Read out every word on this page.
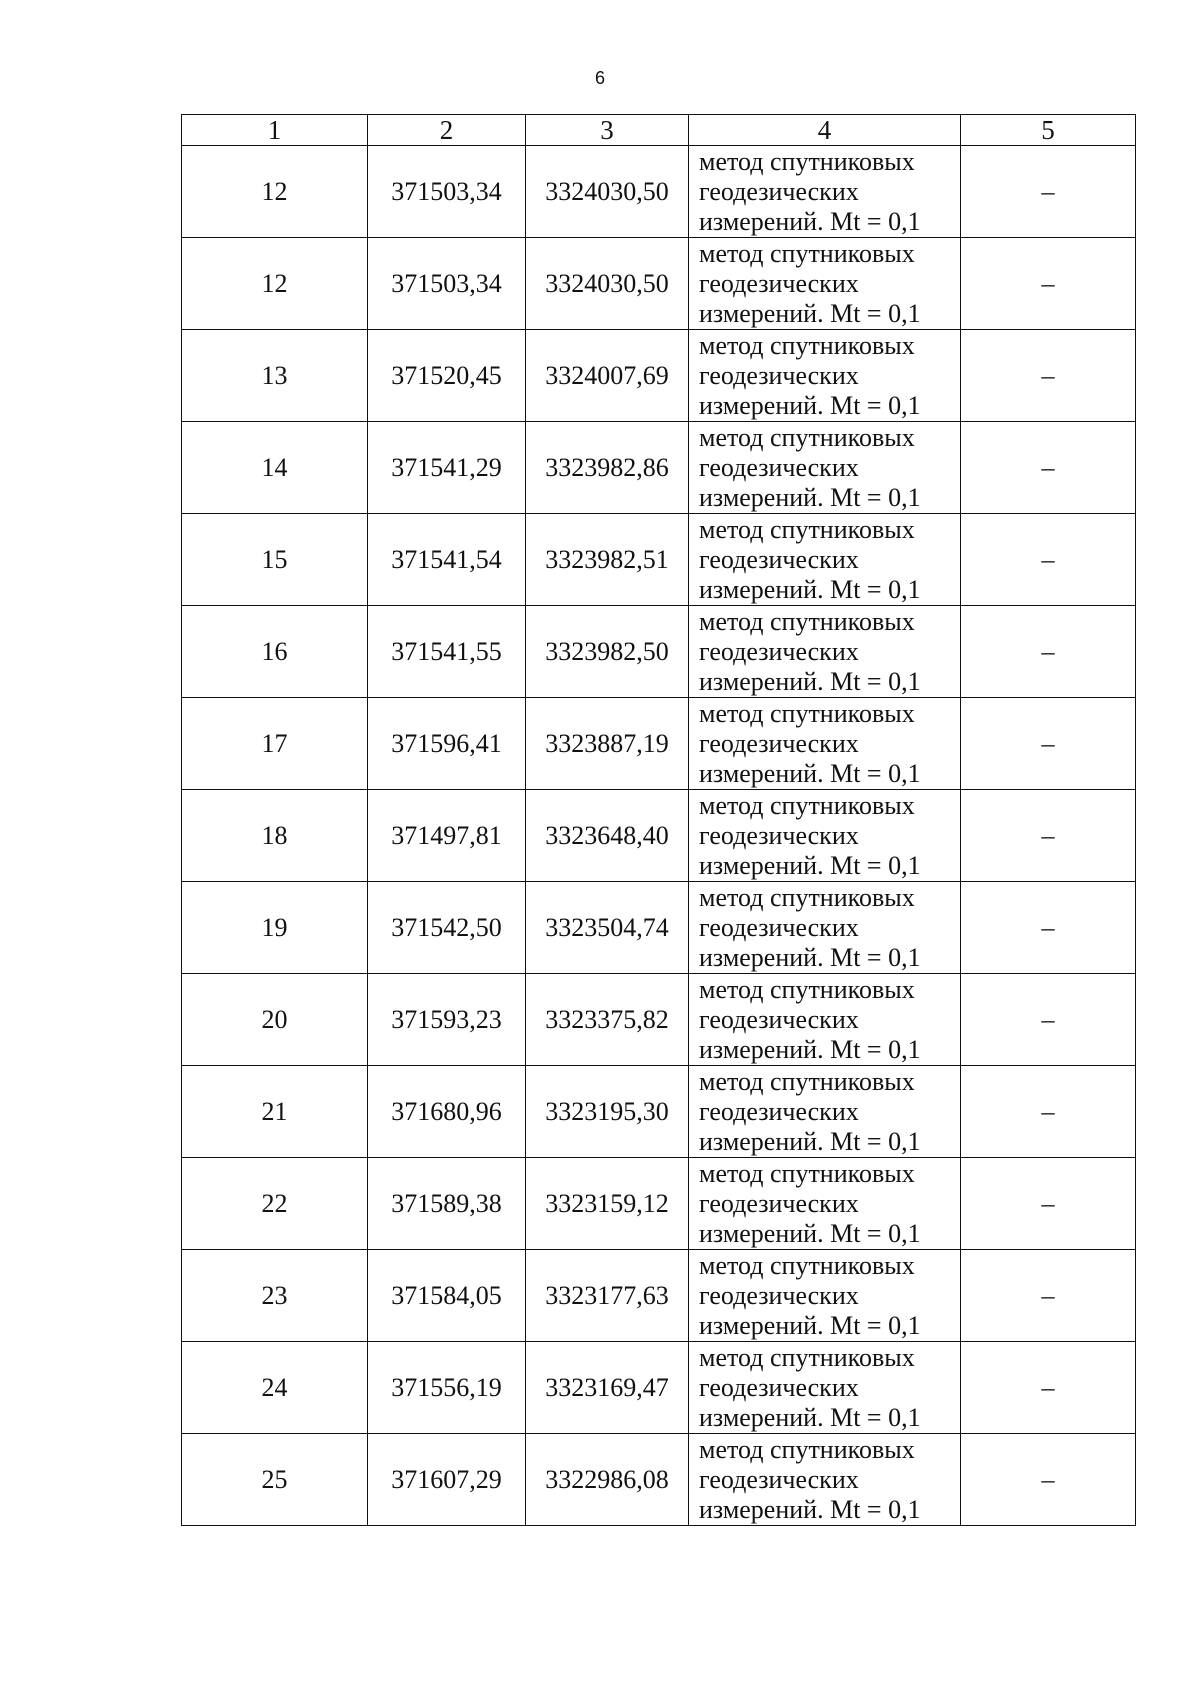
6
1	2	3	4	5
12	371503,34	3324030,50	метод спутниковых
геодезических
измерений. Mt = 0,1	–
12	371503,34	3324030,50	метод спутниковых
геодезических
измерений. Mt = 0,1	–
13	371520,45	3324007,69	метод спутниковых
геодезических
измерений. Mt = 0,1	–
14	371541,29	3323982,86	метод спутниковых
геодезических
измерений. Mt = 0,1	–
15	371541,54	3323982,51	метод спутниковых
геодезических
измерений. Mt = 0,1	–
16	371541,55	3323982,50	метод спутниковых
геодезических
измерений. Mt = 0,1	–
17	371596,41	3323887,19	метод спутниковых
геодезических
измерений. Mt = 0,1	–
18	371497,81	3323648,40	метод спутниковых
геодезических
измерений. Mt = 0,1	–
19	371542,50	3323504,74	метод спутниковых
геодезических
измерений. Mt = 0,1	–
20	371593,23	3323375,82	метод спутниковых
геодезических
измерений. Mt = 0,1	–
21	371680,96	3323195,30	метод спутниковых
геодезических
измерений. Mt = 0,1	–
22	371589,38	3323159,12	метод спутниковых
геодезических
измерений. Mt = 0,1	–
23	371584,05	3323177,63	метод спутниковых
геодезических
измерений. Mt = 0,1	–
24	371556,19	3323169,47	метод спутниковых
геодезических
измерений. Mt = 0,1	–
25	371607,29	3322986,08	метод спутниковых
геодезических
измерений. Mt = 0,1	–
